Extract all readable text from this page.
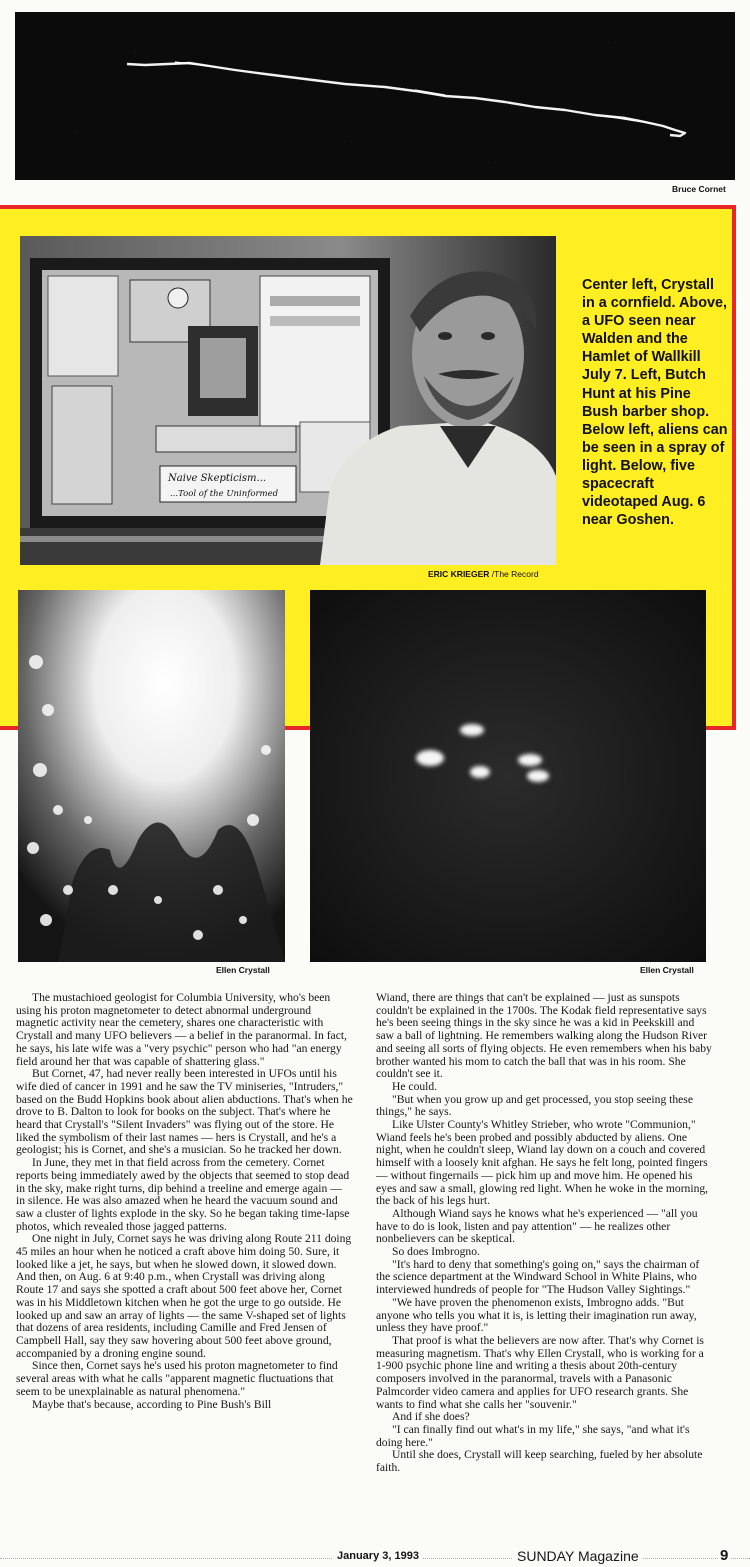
Bruce Cornet
Naive Skepticism...
...Tool of the Uninformed
ERIC KRIEGER /The Record
Center left, Crystall in a cornfield. Above, a UFO seen near Walden and the Hamlet of Wallkill July 7. Left, Butch Hunt at his Pine Bush barber shop. Below left, aliens can be seen in a spray of light. Below, five spacecraft videotaped Aug. 6 near Goshen.
Ellen Crystall	Ellen Crystall

The mustachioed geologist for Columbia University, who's been using his proton magnetometer to detect abnormal underground magnetic activity near the cemetery, shares one characteristic with Crystall and many UFO believers — a belief in the paranormal. In fact, he says, his late wife was a "very psychic" person who had "an energy field around her that was capable of shattering glass."

But Cornet, 47, had never really been interested in UFOs until his wife died of cancer in 1991 and he saw the TV miniseries, "Intruders," based on the Budd Hopkins book about alien abductions. That's when he drove to B. Dalton to look for books on the subject. That's where he heard that Crystall's "Silent Invaders" was flying out of the store. He liked the symbolism of their last names — hers is Crystall, and he's a geologist; his is Cornet, and she's a musician. So he tracked her down.

In June, they met in that field across from the cemetery. Cornet reports being immediately awed by the objects that seemed to stop dead in the sky, make right turns, dip behind a treeline and emerge again — in silence. He was also amazed when he heard the vacuum sound and saw a cluster of lights explode in the sky. So he began taking time-lapse photos, which revealed those jagged patterns.

One night in July, Cornet says he was driving along Route 211 doing 45 miles an hour when he noticed a craft above him doing 50. Sure, it looked like a jet, he says, but when he slowed down, it slowed down. And then, on Aug. 6 at 9:40 p.m., when Crystall was driving along Route 17 and says she spotted a craft about 500 feet above her, Cornet was in his Middletown kitchen when he got the urge to go outside. He looked up and saw an array of lights — the same V-shaped set of lights that dozens of area residents, including Camille and Fred Jensen of Campbell Hall, say they saw hovering about 500 feet above ground, accompanied by a droning engine sound.

Since then, Cornet says he's used his proton magnetometer to find several areas with what he calls "apparent magnetic fluctuations that seem to be unexplainable as natural phenomena."

Maybe that's because, according to Pine Bush's Bill

Wiand, there are things that can't be explained — just as sunspots couldn't be explained in the 1700s. The Kodak field representative says he's been seeing things in the sky since he was a kid in Peekskill and saw a ball of lightning. He remembers walking along the Hudson River and seeing all sorts of flying objects. He even remembers when his baby brother wanted his mom to catch the ball that was in his room. She couldn't see it.

He could.

"But when you grow up and get processed, you stop seeing these things," he says.

Like Ulster County's Whitley Strieber, who wrote "Communion," Wiand feels he's been probed and possibly abducted by aliens. One night, when he couldn't sleep, Wiand lay down on a couch and covered himself with a loosely knit afghan. He says he felt long, pointed fingers — without fingernails — pick him up and move him. He opened his eyes and saw a small, glowing red light. When he woke in the morning, the back of his legs hurt.

Although Wiand says he knows what he's experienced — "all you have to do is look, listen and pay attention" — he realizes other nonbelievers can be skeptical.

So does Imbrogno.

"It's hard to deny that something's going on," says the chairman of the science department at the Windward School in White Plains, who interviewed hundreds of people for "The Hudson Valley Sightings."

"We have proven the phenomenon exists, Imbrogno adds. "But anyone who tells you what it is, is letting their imagination run away, unless they have proof."

That proof is what the believers are now after. That's why Cornet is measuring magnetism. That's why Ellen Crystall, who is working for a 1-900 psychic phone line and writing a thesis about 20th-century composers involved in the paranormal, travels with a Panasonic Palmcorder video camera and applies for UFO research grants. She wants to find what she calls her "souvenir."

And if she does?

"I can finally find out what's in my life," she says, "and what it's doing here."

Until she does, Crystall will keep searching, fueled by her absolute faith.

January 3, 1993	SUNDAY Magazine	9
